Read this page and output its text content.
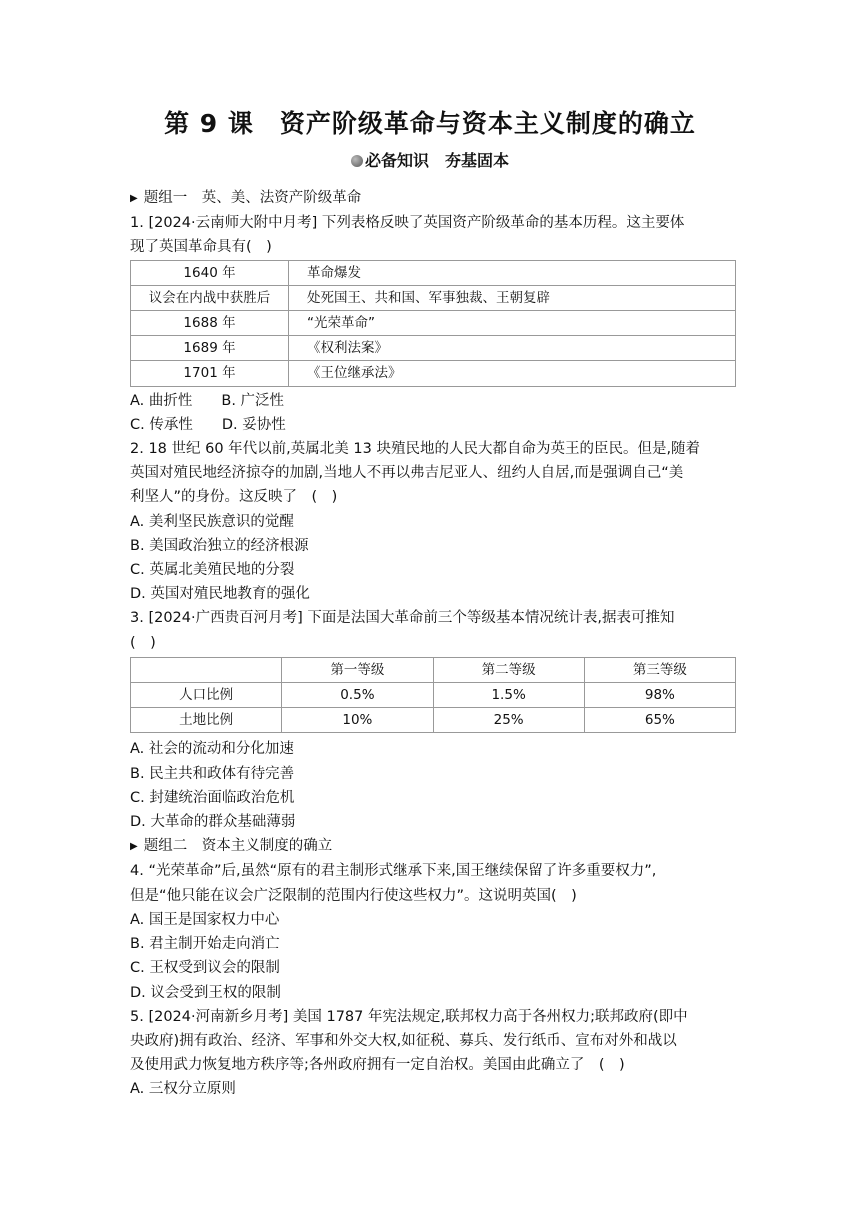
第 9 课　资产阶级革命与资本主义制度的确立
必备知识　夯基固本
▶ 题组一　英、美、法资产阶级革命
1. [2024·云南师大附中月考] 下列表格反映了英国资产阶级革命的基本历程。这主要体
现了英国革命具有(　)
1640 年	革命爆发
议会在内战中获胜后	处死国王、共和国、军事独裁、王朝复辟
1688 年	“光荣革命”
1689 年	《权利法案》
1701 年	《王位继承法》
A. 曲折性　　B. 广泛性
C. 传承性　　D. 妥协性
2. 18 世纪 60 年代以前,英属北美 13 块殖民地的人民大都自命为英王的臣民。但是,随着
英国对殖民地经济掠夺的加剧,当地人不再以弗吉尼亚人、纽约人自居,而是强调自己“美
利坚人”的身份。这反映了　(　)
A. 美利坚民族意识的觉醒
B. 美国政治独立的经济根源
C. 英属北美殖民地的分裂
D. 英国对殖民地教育的强化
3. [2024·广西贵百河月考] 下面是法国大革命前三个等级基本情况统计表,据表可推知
(　)
	第一等级	第二等级	第三等级
人口比例	0.5%	1.5%	98%
土地比例	10%	25%	65%
A. 社会的流动和分化加速
B. 民主共和政体有待完善
C. 封建统治面临政治危机
D. 大革命的群众基础薄弱
▶ 题组二　资本主义制度的确立
4. “光荣革命”后,虽然“原有的君主制形式继承下来,国王继续保留了许多重要权力”,
但是“他只能在议会广泛限制的范围内行使这些权力”。这说明英国(　)
A. 国王是国家权力中心
B. 君主制开始走向消亡
C. 王权受到议会的限制
D. 议会受到王权的限制
5. [2024·河南新乡月考] 美国 1787 年宪法规定,联邦权力高于各州权力;联邦政府(即中
央政府)拥有政治、经济、军事和外交大权,如征税、募兵、发行纸币、宣布对外和战以
及使用武力恢复地方秩序等;各州政府拥有一定自治权。美国由此确立了　(　)
A. 三权分立原则
